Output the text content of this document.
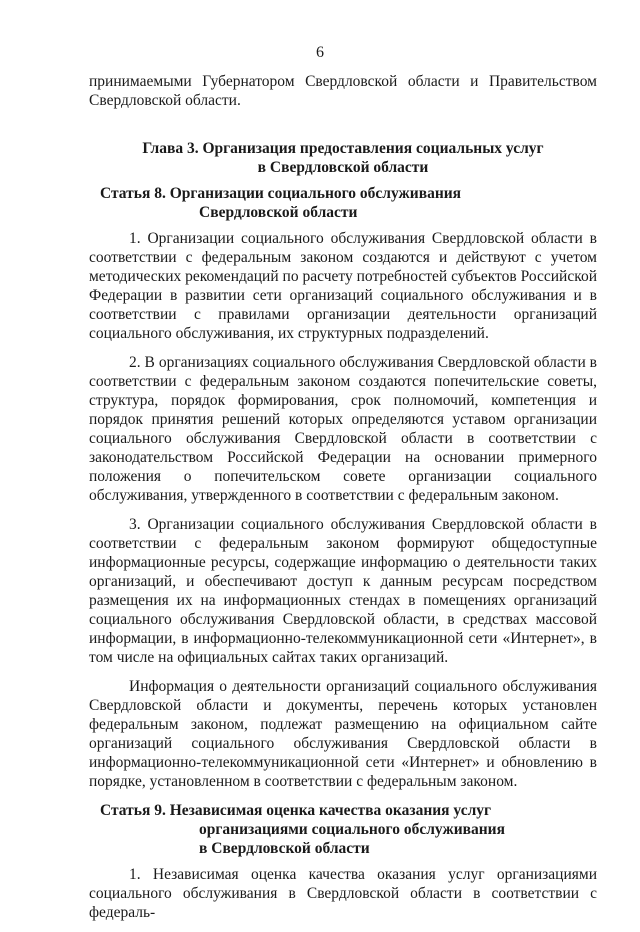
6

принимаемыми Губернатором Свердловской области и Правительством Свердловской области.

Глава 3. Организация предоставления социальных услуг
в Свердловской области
Статья 8. Организации социального обслуживания
Свердловской области

1. Организации социального обслуживания Свердловской области в соответствии с федеральным законом создаются и действуют с учетом методических рекомендаций по расчету потребностей субъектов Российской Федерации в развитии сети организаций социального обслуживания и в соответствии с правилами организации деятельности организаций социального обслуживания, их структурных подразделений.

2. В организациях социального обслуживания Свердловской области в соответствии с федеральным законом создаются попечительские советы, структура, порядок формирования, срок полномочий, компетенция и порядок принятия решений которых определяются уставом организации социального обслуживания Свердловской области в соответствии с законодательством Российской Федерации на основании примерного положения о попечительском совете организации социального обслуживания, утвержденного в соответствии с федеральным законом.

3. Организации социального обслуживания Свердловской области в соответствии с федеральным законом формируют общедоступные информационные ресурсы, содержащие информацию о деятельности таких организаций, и обеспечивают доступ к данным ресурсам посредством размещения их на информационных стендах в помещениях организаций социального обслуживания Свердловской области, в средствах массовой информации, в информационно-телекоммуникационной сети «Интернет», в том числе на официальных сайтах таких организаций.

Информация о деятельности организаций социального обслуживания Свердловской области и документы, перечень которых установлен федеральным законом, подлежат размещению на официальном сайте организаций социального обслуживания Свердловской области в информационно-телекоммуникационной сети «Интернет» и обновлению в порядке, установленном в соответствии с федеральным законом.

Статья 9. Независимая оценка качества оказания услуг
организациями социального обслуживания
в Свердловской области

1. Независимая оценка качества оказания услуг организациями социального обслуживания в Свердловской области в соответствии с федераль-
